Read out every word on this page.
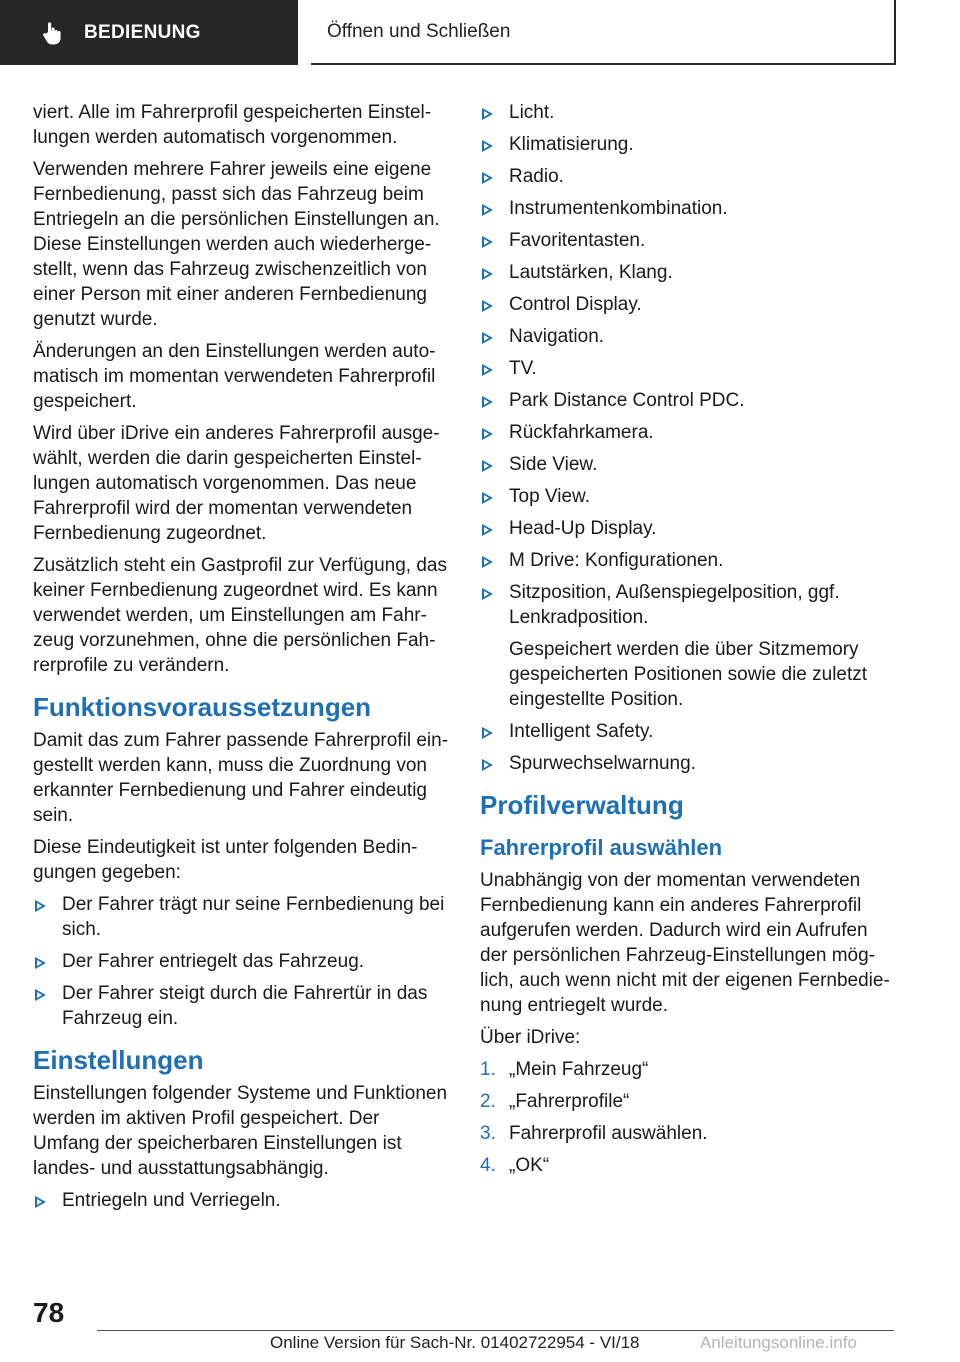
BEDIENUNG	Öffnen und Schließen

viert. Alle im Fahrerprofil gespeicherten Einstellungen werden automatisch vorgenommen.

Verwenden mehrere Fahrer jeweils eine eigene Fernbedienung, passt sich das Fahrzeug beim Entriegeln an die persönlichen Einstellungen an. Diese Einstellungen werden auch wiederhergestellt, wenn das Fahrzeug zwischenzeitlich von einer Person mit einer anderen Fernbedienung genutzt wurde.

Änderungen an den Einstellungen werden automatisch im momentan verwendeten Fahrerprofil gespeichert.

Wird über iDrive ein anderes Fahrerprofil ausgewählt, werden die darin gespeicherten Einstellungen automatisch vorgenommen. Das neue Fahrerprofil wird der momentan verwendeten Fernbedienung zugeordnet.

Zusätzlich steht ein Gastprofil zur Verfügung, das keiner Fernbedienung zugeordnet wird. Es kann verwendet werden, um Einstellungen am Fahrzeug vorzunehmen, ohne die persönlichen Fahrerprofile zu verändern.

Funktionsvoraussetzungen

Damit das zum Fahrer passende Fahrerprofil eingestellt werden kann, muss die Zuordnung von erkannter Fernbedienung und Fahrer eindeutig sein.

Diese Eindeutigkeit ist unter folgenden Bedingungen gegeben:

Der Fahrer trägt nur seine Fernbedienung bei sich.
Der Fahrer entriegelt das Fahrzeug.
Der Fahrer steigt durch die Fahrertür in das Fahrzeug ein.
Einstellungen

Einstellungen folgender Systeme und Funktionen werden im aktiven Profil gespeichert. Der Umfang der speicherbaren Einstellungen ist landes- und ausstattungsabhängig.

Entriegeln und Verriegeln.
Licht.
Klimatisierung.
Radio.
Instrumentenkombination.
Favoritentasten.
Lautstärken, Klang.
Control Display.
Navigation.
TV.
Park Distance Control PDC.
Rückfahrkamera.
Side View.
Top View.
Head-Up Display.
M Drive: Konfigurationen.
Sitzposition, Außenspiegelposition, ggf. Lenkradposition.
Gespeichert werden die über Sitzmemory gespeicherten Positionen sowie die zuletzt eingestellte Position.
Intelligent Safety.
Spurwechselwarnung.
Profilverwaltung
Fahrerprofil auswählen

Unabhängig von der momentan verwendeten Fernbedienung kann ein anderes Fahrerprofil aufgerufen werden. Dadurch wird ein Aufrufen der persönlichen Fahrzeug-Einstellungen möglich, auch wenn nicht mit der eigenen Fernbedienung entriegelt wurde.

Über iDrive:

1. „Mein Fahrzeug“
2. „Fahrerprofile“
3. Fahrerprofil auswählen.
4. „OK“
78
Online Version für Sach-Nr. 01402722954 - VI/18	Anleitungsonline.info
